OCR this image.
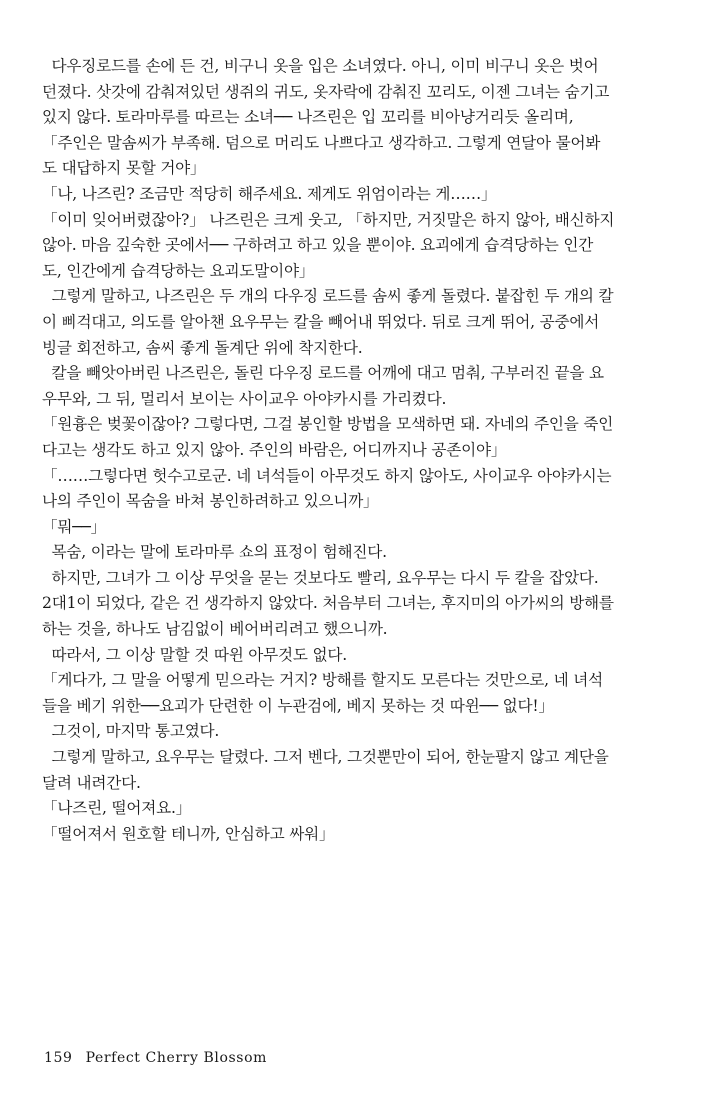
다우징로드를 손에 든 건, 비구니 옷을 입은 소녀였다. 아니, 이미 비구니 옷은 벗어

던졌다. 삿갓에 감춰져있던 생쥐의 귀도, 옷자락에 감춰진 꼬리도, 이젠 그녀는 숨기고

있지 않다. 토라마루를 따르는 소녀── 나즈린은 입 꼬리를 비아냥거리듯 올리며,

「주인은 말솜씨가 부족해. 덤으로 머리도 나쁘다고 생각하고. 그렇게 연달아 물어봐

도 대답하지 못할 거야」

「나, 나즈린? 조금만 적당히 해주세요. 제게도 위엄이라는 게……」

「이미 잊어버렸잖아?」 나즈린은 크게 웃고, 「하지만, 거짓말은 하지 않아, 배신하지

않아. 마음 깊숙한 곳에서── 구하려고 하고 있을 뿐이야. 요괴에게 습격당하는 인간

도, 인간에게 습격당하는 요괴도말이야」

그렇게 말하고, 나즈린은 두 개의 다우징 로드를 솜씨 좋게 돌렸다. 붙잡힌 두 개의 칼

이 삐걱대고, 의도를 알아챈 요우무는 칼을 빼어내 뛰었다. 뒤로 크게 뛰어, 공중에서

빙글 회전하고, 솜씨 좋게 돌계단 위에 착지한다.

칼을 빼앗아버린 나즈린은, 돌린 다우징 로드를 어깨에 대고 멈춰, 구부러진 끝을 요

우무와, 그 뒤, 멀리서 보이는 사이교우 아야카시를 가리켰다.

「원흉은 벚꽃이잖아? 그렇다면, 그걸 봉인할 방법을 모색하면 돼. 자네의 주인을 죽인

다고는 생각도 하고 있지 않아. 주인의 바람은, 어디까지나 공존이야」

「……그렇다면 헛수고로군. 네 녀석들이 아무것도 하지 않아도, 사이교우 아야카시는

나의 주인이 목숨을 바쳐 봉인하려하고 있으니까」

「뭐──」

목숨, 이라는 말에 토라마루 쇼의 표정이 험해진다.

하지만, 그녀가 그 이상 무엇을 묻는 것보다도 빨리, 요우무는 다시 두 칼을 잡았다.

2대1이 되었다, 같은 건 생각하지 않았다. 처음부터 그녀는, 후지미의 아가씨의 방해를

하는 것을, 하나도 남김없이 베어버리려고 했으니까.

따라서, 그 이상 말할 것 따윈 아무것도 없다.

「게다가, 그 말을 어떻게 믿으라는 거지? 방해를 할지도 모른다는 것만으로, 네 녀석

들을 베기 위한──요괴가 단련한 이 누관검에, 베지 못하는 것 따윈── 없다!」

그것이, 마지막 통고였다.

그렇게 말하고, 요우무는 달렸다. 그저 벤다, 그것뿐만이 되어, 한눈팔지 않고 계단을

달려 내려간다.

「나즈린, 떨어져요.」

「떨어져서 원호할 테니까, 안심하고 싸워」

159 Perfect Cherry Blossom
